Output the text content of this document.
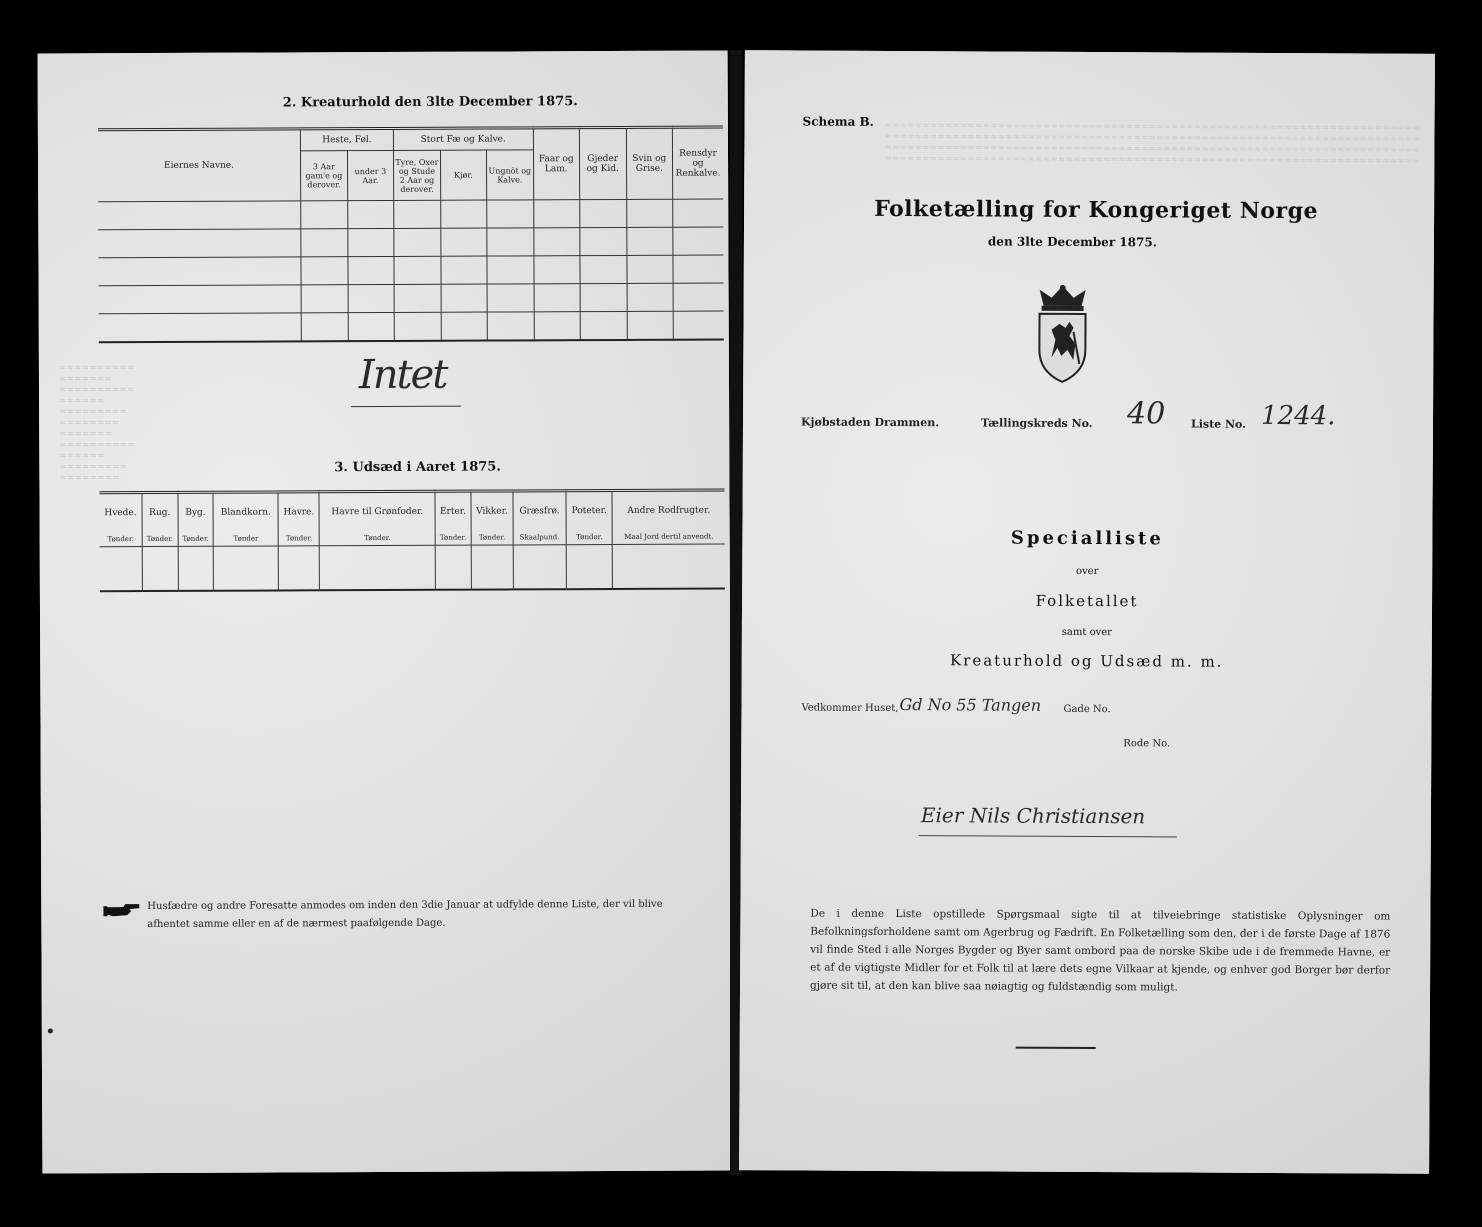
≈≈≈≈≈≈≈≈≈≈
≈≈≈≈≈≈≈
≈≈≈≈≈≈≈≈≈≈
≈≈≈≈≈≈
≈≈≈≈≈≈≈≈≈
≈≈≈≈≈≈≈≈
≈≈≈≈≈≈≈
≈≈≈≈≈≈≈≈≈≈
≈≈≈≈≈≈
≈≈≈≈≈≈≈≈≈
≈≈≈≈≈≈≈≈
2. Kreaturhold den 3lte December 1875.
Eiernes Navne.	Heste, Føl.		Stort Fæ og Kalve.			Faar og Lam.	Gjeder og Kid.	Svin og Grise.	Rensdyr og Renkalve.
	3 Aar gam'e og derover.	under 3 Aar.	Tyre, Oxer og Stude 2 Aar og derover.	Kjør.	Ungnöt og Kalve.				

Intet
3. Udsæd i Aaret 1875.
Hvede.	Rug.	Byg.	Blandkorn.	Havre.	Havre til Grønfoder.	Erter.	Vikker.	Græsfrø.	Poteter.	Andre Rodfrugter.
Tønder.	Tønder.	Tønder.	Tønder	Tønder.	Tønder.	Tønder.	Tønder.	Skaalpund.	Tønder.	Maal Jord dertil anvendt.

Husfædre og andre Foresatte anmodes om inden den 3die Januar at udfylde denne Liste, der vil blive
afhentet samme eller en af de nærmest paafølgende Dage.
≈≈≈≈≈≈≈≈≈≈≈≈≈≈≈≈≈≈≈≈≈≈≈≈≈≈≈≈≈≈≈≈≈≈≈≈≈≈≈≈≈≈≈≈≈≈≈≈≈≈≈≈≈≈≈≈≈≈≈≈≈≈≈≈≈≈≈≈≈≈≈
≈≈≈≈≈≈≈≈≈≈≈≈≈≈≈≈≈≈≈≈≈≈≈≈≈≈≈≈≈≈≈≈≈≈≈≈≈≈≈≈≈≈≈≈≈≈≈≈≈≈≈≈≈≈≈≈≈≈≈≈≈≈≈≈≈≈≈≈≈≈≈
≈≈≈≈≈≈≈≈≈≈≈≈≈≈≈≈≈≈≈≈≈≈≈≈≈≈≈≈≈≈≈≈≈≈≈≈≈≈≈≈≈≈≈≈≈≈≈≈≈≈≈≈≈≈≈≈≈≈≈≈≈≈≈≈≈≈≈≈≈≈≈
≈≈≈≈≈≈≈≈≈≈≈≈≈≈≈≈≈≈≈≈≈≈≈≈≈≈≈≈≈≈≈≈≈≈≈≈≈≈≈≈≈≈≈≈≈≈≈≈≈≈≈≈≈≈≈≈≈≈≈≈≈≈≈≈≈≈≈≈≈≈≈
Schema B.
Folketælling for Kongeriget Norge
den 3lte December 1875.
Kjøbstaden Drammen.	Tællingskreds No. 40 Liste No. 1244.
Specialliste
over
Folketallet
samt over
Kreaturhold og Udsæd m. m.
Vedkommer Huset, Gd No 55 Tangen Gade No.
Rode No.
Eier Nils Christiansen
De i denne Liste opstillede Spørgsmaal sigte til at tilveiebringe statistiske Oplysninger om Befolkningsforholdene samt om Agerbrug og Fædrift. En Folketælling som den, der i de første Dage af 1876 vil finde Sted i alle Norges Bygder og Byer samt ombord paa de norske Skibe ude i de fremmede Havne, er et af de vigtigste Midler for et Folk til at lære dets egne Vilkaar at kjende, og enhver god Borger bør derfor gjøre sit til, at den kan blive saa nøiagtig og fuldstændig som muligt.
